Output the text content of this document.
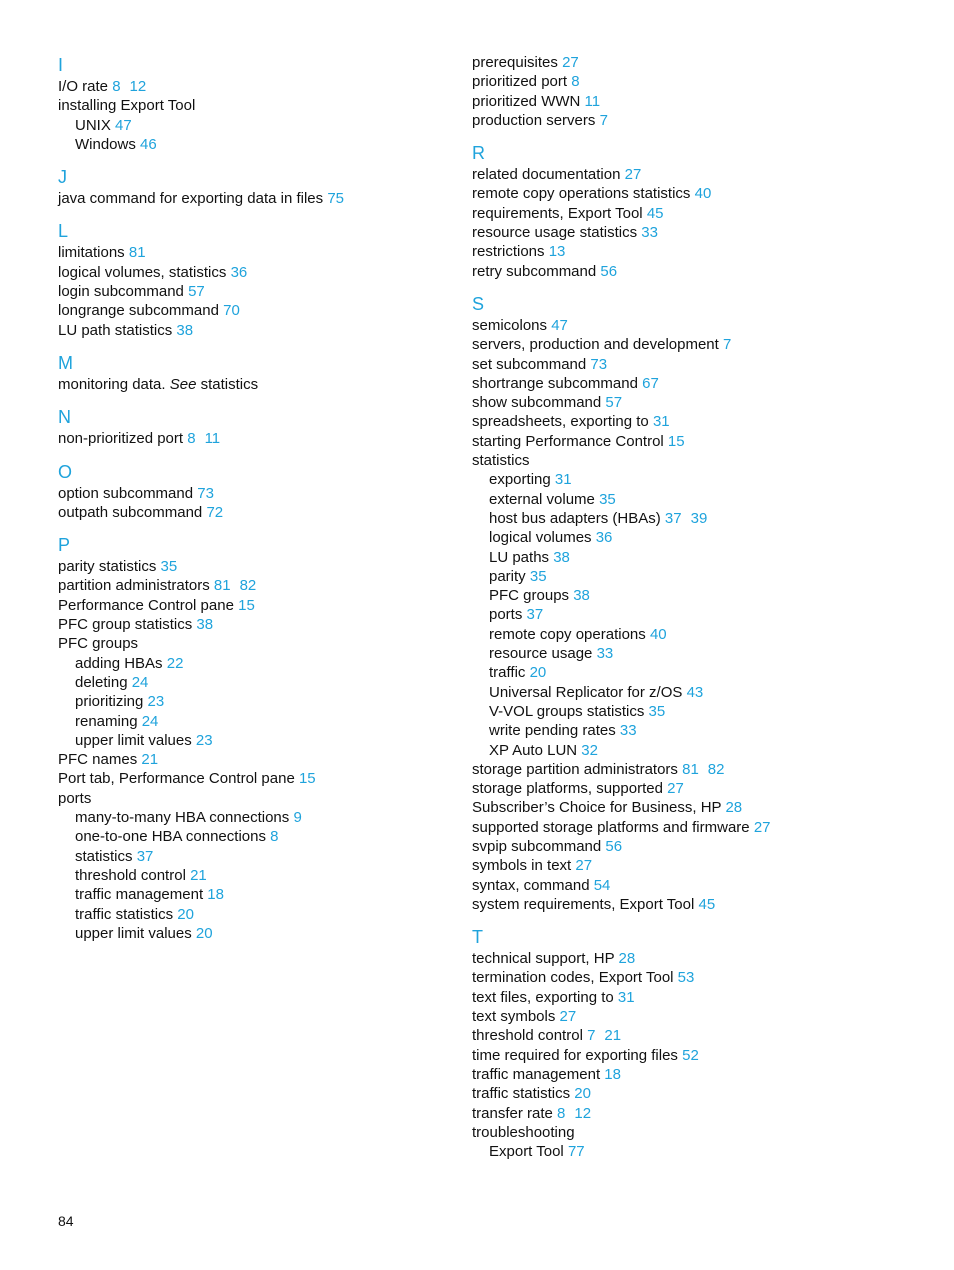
I
I/O rate 8 12
installing Export Tool
UNIX 47
Windows 46
J
java command for exporting data in files 75
L
limitations 81
logical volumes, statistics 36
login subcommand 57
longrange subcommand 70
LU path statistics 38
M
monitoring data. See statistics
N
non-prioritized port 8 11
O
option subcommand 73
outpath subcommand 72
P
parity statistics 35
partition administrators 81 82
Performance Control pane 15
PFC group statistics 38
PFC groups
adding HBAs 22
deleting 24
prioritizing 23
renaming 24
upper limit values 23
PFC names 21
Port tab, Performance Control pane 15
ports
many-to-many HBA connections 9
one-to-one HBA connections 8
statistics 37
threshold control 21
traffic management 18
traffic statistics 20
upper limit values 20
prerequisites 27
prioritized port 8
prioritized WWN 11
production servers 7
R
related documentation 27
remote copy operations statistics 40
requirements, Export Tool 45
resource usage statistics 33
restrictions 13
retry subcommand 56
S
semicolons 47
servers, production and development 7
set subcommand 73
shortrange subcommand 67
show subcommand 57
spreadsheets, exporting to 31
starting Performance Control 15
statistics
exporting 31
external volume 35
host bus adapters (HBAs) 37 39
logical volumes 36
LU paths 38
parity 35
PFC groups 38
ports 37
remote copy operations 40
resource usage 33
traffic 20
Universal Replicator for z/OS 43
V-VOL groups statistics 35
write pending rates 33
XP Auto LUN 32
storage partition administrators 81 82
storage platforms, supported 27
Subscriber’s Choice for Business, HP 28
supported storage platforms and firmware 27
svpip subcommand 56
symbols in text 27
syntax, command 54
system requirements, Export Tool 45
T
technical support, HP 28
termination codes, Export Tool 53
text files, exporting to 31
text symbols 27
threshold control 7 21
time required for exporting files 52
traffic management 18
traffic statistics 20
transfer rate 8 12
troubleshooting
Export Tool 77
84
